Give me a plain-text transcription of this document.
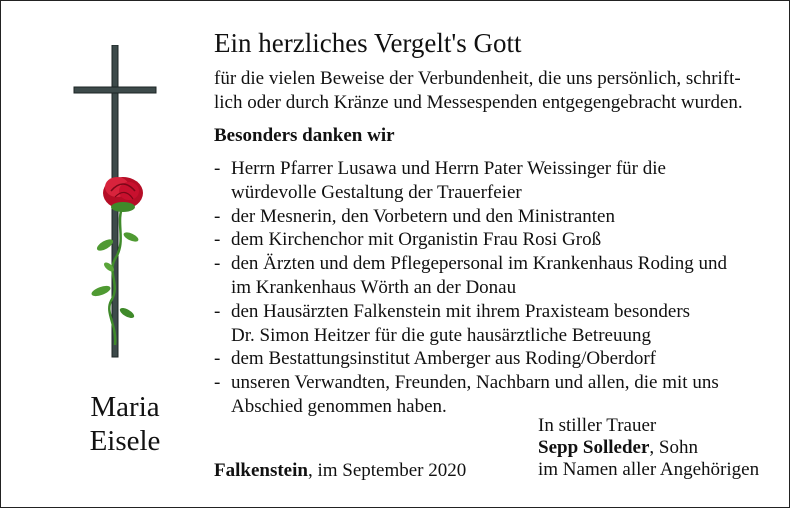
Maria
Eisele
Ein herzliches Vergelt's Gott

für die vielen Beweise der Verbundenheit, die uns persönlich, schrift-
lich oder durch Kränze und Messespenden entgegengebracht wurden.

Besonders danken wir
- Herrn Pfarrer Lusawa und Herrn Pater Weissinger für die
würdevolle Gestaltung der Trauerfeier
- der Mesnerin, den Vorbetern und den Ministranten
- dem Kirchenchor mit Organistin Frau Rosi Groß
- den Ärzten und dem Pflegepersonal im Krankenhaus Roding und
im Krankenhaus Wörth an der Donau
- den Hausärzten Falkenstein mit ihrem Praxisteam besonders
Dr. Simon Heitzer für die gute hausärztliche Betreuung
- dem Bestattungsinstitut Amberger aus Roding/Oberdorf
- unseren Verwandten, Freunden, Nachbarn und allen, die mit uns
Abschied genommen haben.
Falkenstein, im September 2020
In stiller Trauer
Sepp Solleder, Sohn
im Namen aller Angehörigen
